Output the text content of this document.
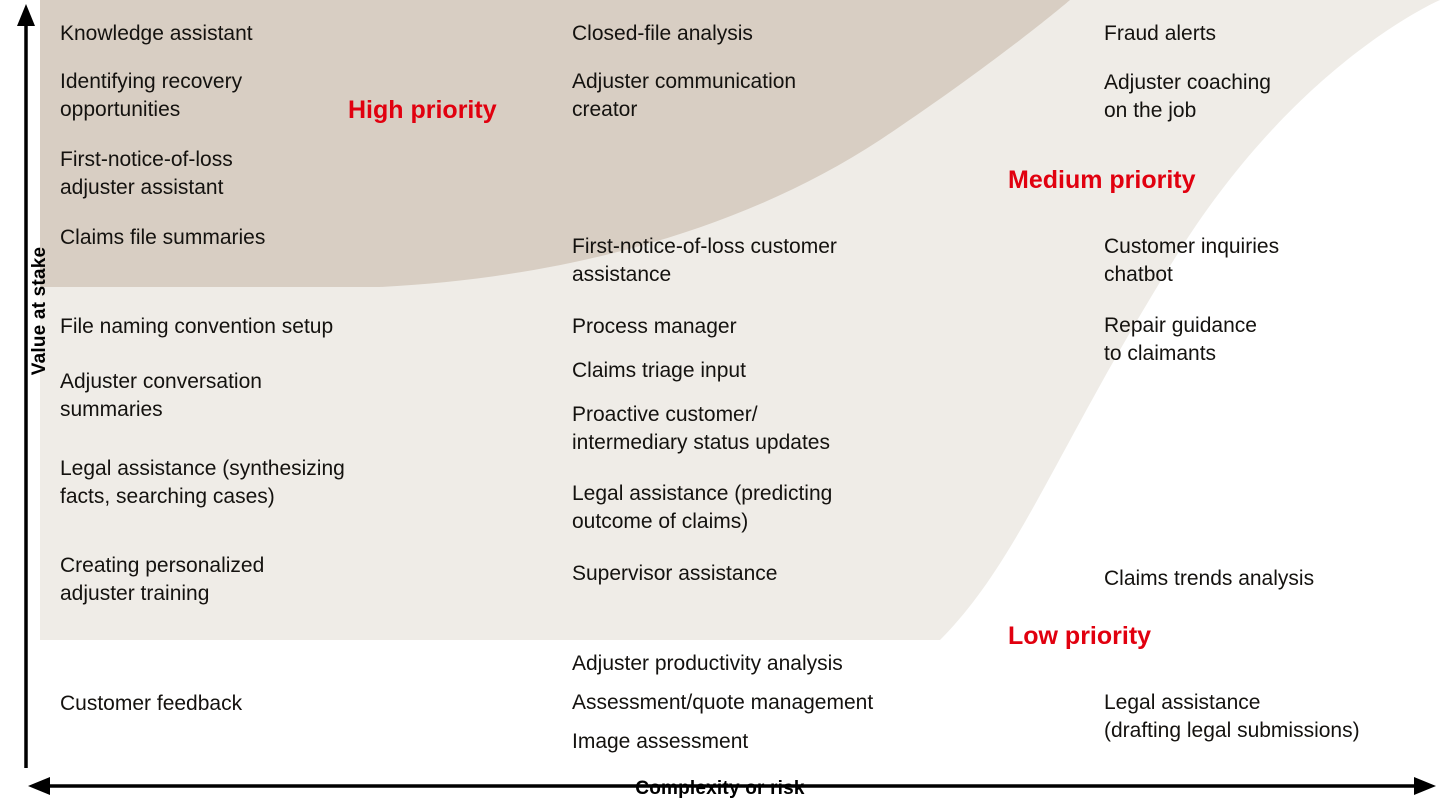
Value at stake
Complexity or risk
High priority
Medium priority
Low priority
Knowledge assistant
Identifying recovery
opportunities
First-notice-of-loss
adjuster assistant
Claims file summaries
File naming convention setup
Adjuster conversation
summaries
Legal assistance (synthesizing
facts, searching cases)
Creating personalized
adjuster training
Customer feedback
Closed-file analysis
Adjuster communication
creator
First-notice-of-loss customer
assistance
Process manager
Claims triage input
Proactive customer/
intermediary status updates
Legal assistance (predicting
outcome of claims)
Supervisor assistance
Adjuster productivity analysis
Assessment/quote management
Image assessment
Fraud alerts
Adjuster coaching
on the job
Customer inquiries
chatbot
Repair guidance
to claimants
Claims trends analysis
Legal assistance
(drafting legal submissions)
